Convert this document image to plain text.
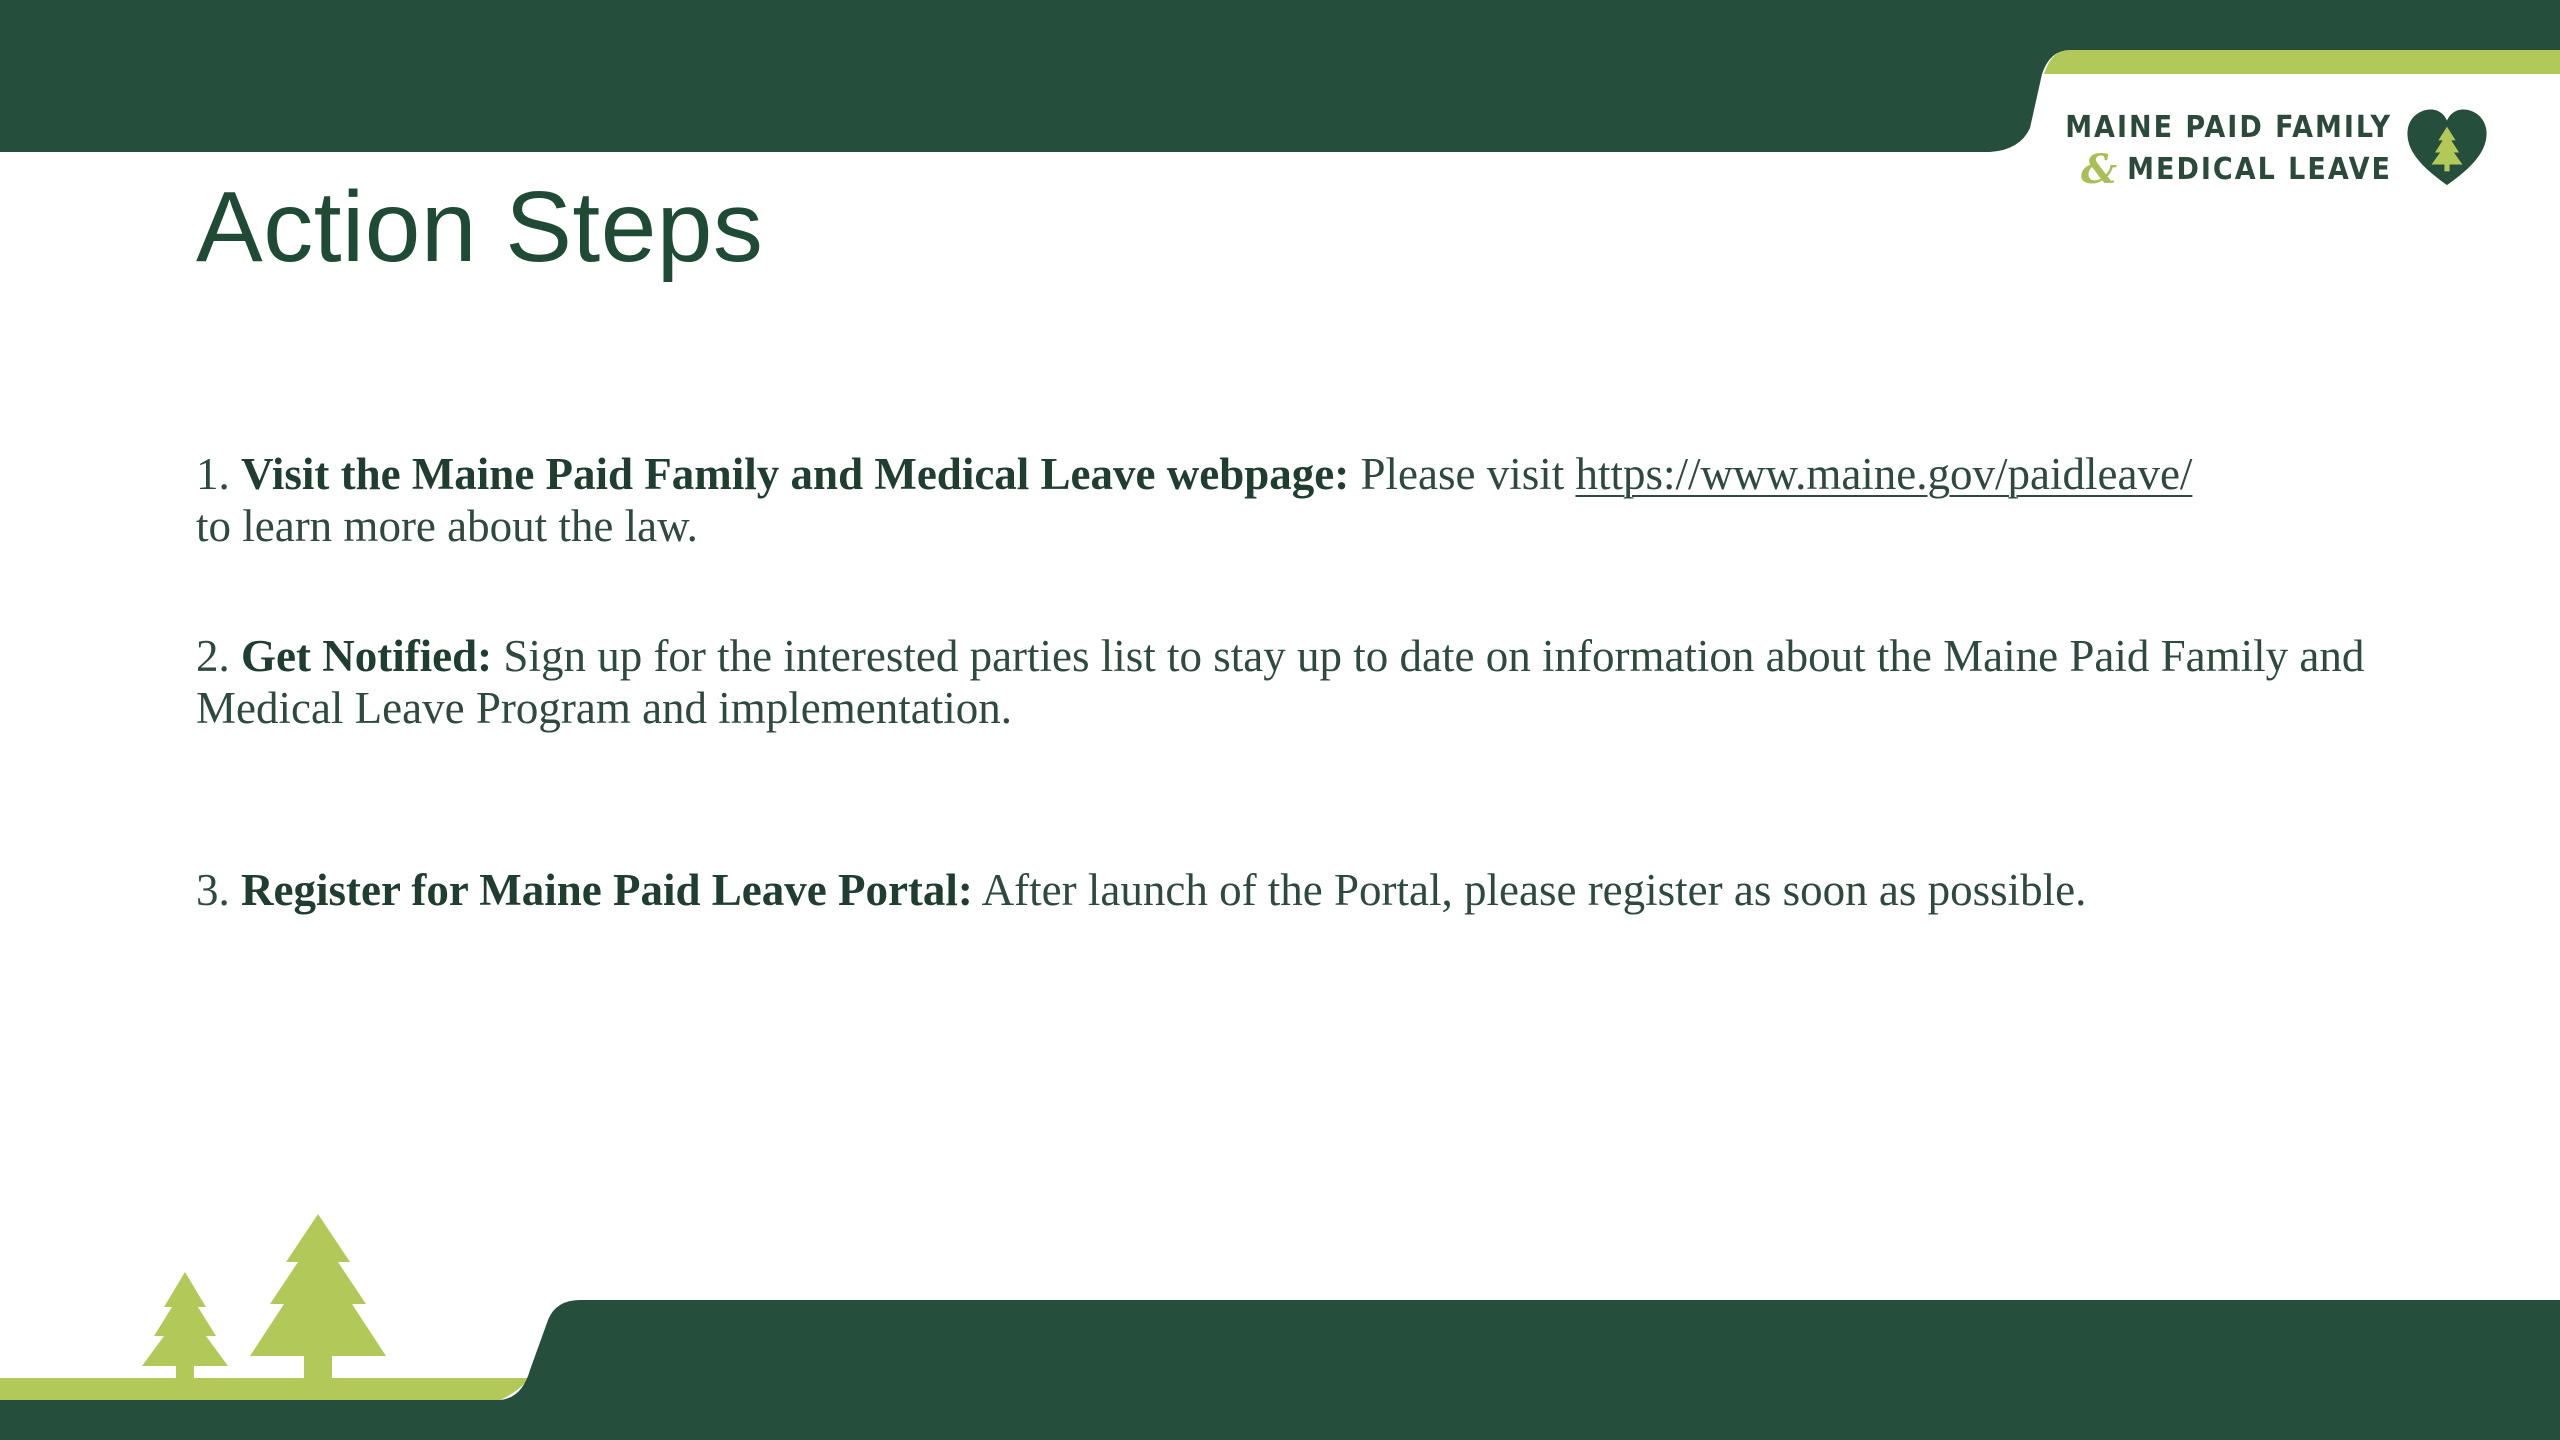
MAINE PAID FAMILY
& MEDICAL LEAVE
Action Steps

1. Visit the Maine Paid Family and Medical Leave webpage: Please visit https://www.maine.gov/paidleave/
to learn more about the law.

2. Get Notified: Sign up for the interested parties list to stay up to date on information about the Maine Paid Family and Medical Leave Program and implementation.

3. Register for Maine Paid Leave Portal: After launch of the Portal, please register as soon as possible.
